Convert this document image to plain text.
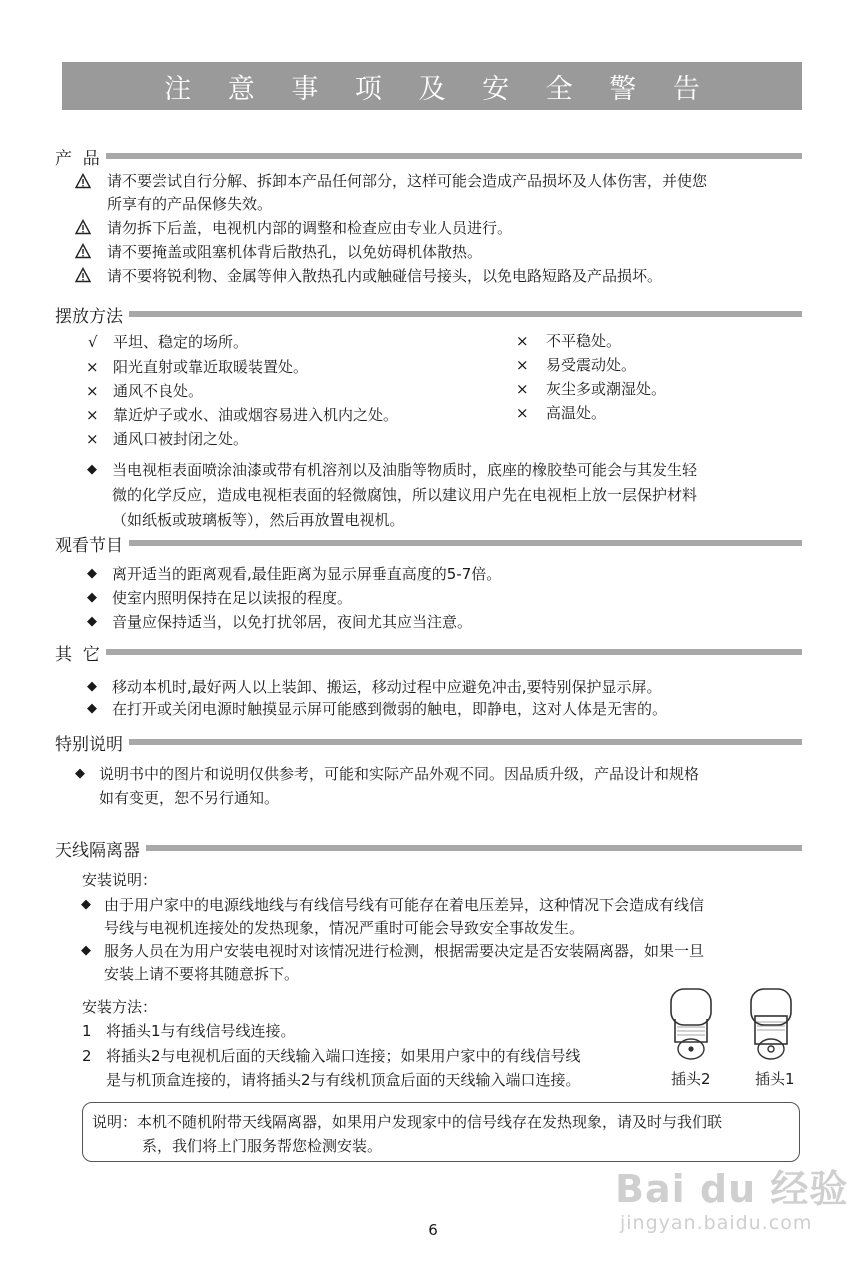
注 意 事 项 及 安 全 警 告
产  品
请不要尝试自行分解、拆卸本产品任何部分，这样可能会造成产品损坏及人体伤害，并使您
所享有的产品保修失效。
请勿拆下后盖，电视机内部的调整和检查应由专业人员进行。
请不要掩盖或阻塞机体背后散热孔，以免妨碍机体散热。
请不要将锐利物、金属等伸入散热孔内或触碰信号接头，以免电路短路及产品损坏。
摆放方法
√ 平坦、稳定的场所。
× 阳光直射或靠近取暖装置处。
× 通风不良处。
× 靠近炉子或水、油或烟容易进入机内之处。
× 通风口被封闭之处。
× 不平稳处。
× 易受震动处。
× 灰尘多或潮湿处。
× 高温处。
◆ 当电视柜表面喷涂油漆或带有机溶剂以及油脂等物质时，底座的橡胶垫可能会与其发生轻
微的化学反应，造成电视柜表面的轻微腐蚀，所以建议用户先在电视柜上放一层保护材料
（如纸板或玻璃板等），然后再放置电视机。
观看节目
◆ 离开适当的距离观看,最佳距离为显示屏垂直高度的5-7倍。
◆ 使室内照明保持在足以读报的程度。
◆ 音量应保持适当，以免打扰邻居，夜间尤其应当注意。
其  它
◆ 移动本机时,最好两人以上装卸、搬运，移动过程中应避免冲击,要特别保护显示屏。
◆ 在打开或关闭电源时触摸显示屏可能感到微弱的触电，即静电，这对人体是无害的。
特别说明
◆ 说明书中的图片和说明仅供参考，可能和实际产品外观不同。因品质升级，产品设计和规格
如有变更，恕不另行通知。
天线隔离器
安装说明：
◆ 由于用户家中的电源线地线与有线信号线有可能存在着电压差异，这种情况下会造成有线信
号线与电视机连接处的发热现象，情况严重时可能会导致安全事故发生。
◆ 服务人员在为用户安装电视时对该情况进行检测，根据需要决定是否安装隔离器，如果一旦
安装上请不要将其随意拆下。
安装方法：
1 将插头1与有线信号线连接。
2 将插头2与电视机后面的天线输入端口连接；如果用户家中的有线信号线
是与机顶盒连接的，请将插头2与有线机顶盒后面的天线输入端口连接。	插头2	插头1
说明：本机不随机附带天线隔离器，如果用户发现家中的信号线存在发热现象，请及时与我们联
系，我们将上门服务帮您检测安装。
6
Bai du 经验
jingyan.baidu.com
